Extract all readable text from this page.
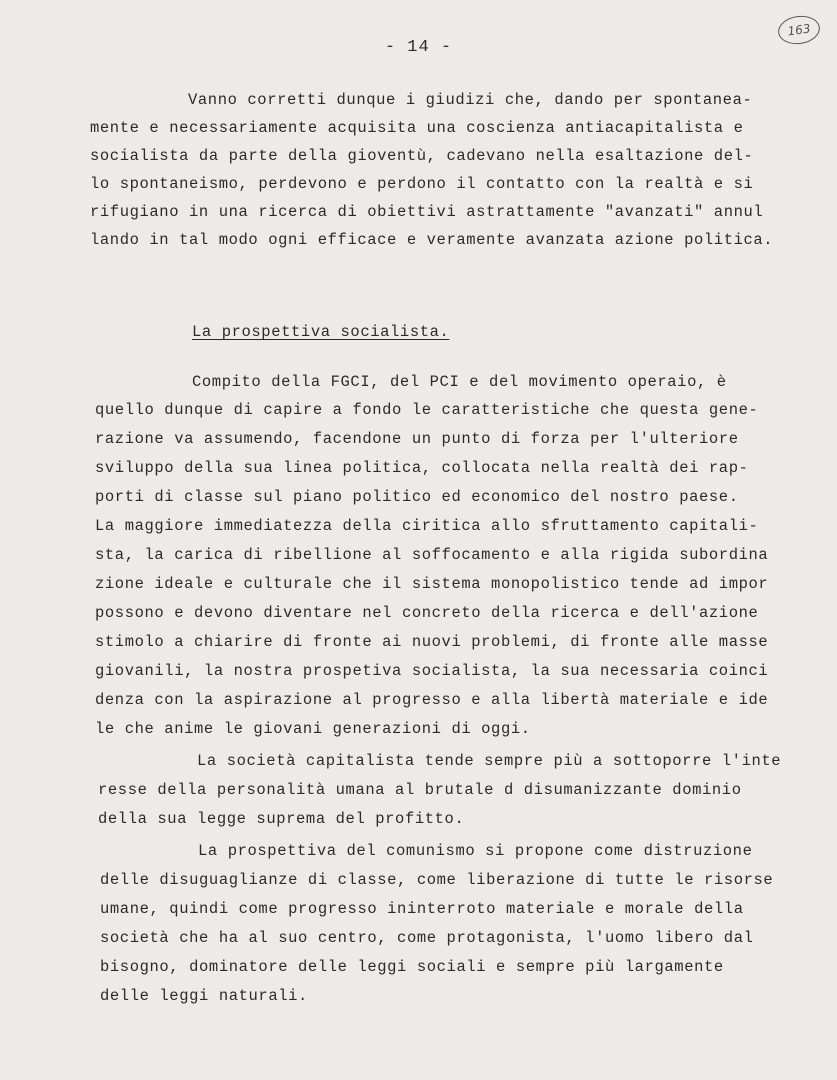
- 14 -
163
Vanno corretti dunque i giudizi che, dando per spontanea-
mente e necessariamente acquisita una coscienza antiacapitalista e
socialista da parte della gioventù, cadevano nella esaltazione del-
lo spontaneismo, perdevono e perdono il contatto con la realtà e si
rifugiano in una ricerca di obiettivi astrattamente "avanzati" annul
lando in tal modo ogni efficace e veramente avanzata azione politica.
La prospettiva socialista.
Compito della FGCI, del PCI e del movimento operaio, è
quello dunque di capire a fondo le caratteristiche che questa gene-
razione va assumendo, facendone un punto di forza per l'ulteriore
sviluppo della sua linea politica, collocata nella realtà dei rap-
porti di classe sul piano politico ed economico del nostro paese.
La maggiore immediatezza della ciritica allo sfruttamento capitali-
sta, la carica di ribellione al soffocamento e alla rigida subordina
zione ideale e culturale che il sistema monopolistico tende ad impor
possono e devono diventare nel concreto della ricerca e dell'azione
stimolo a chiarire di fronte ai nuovi problemi, di fronte alle masse
giovanili, la nostra prospetiva socialista, la sua necessaria coinci
denza con la aspirazione al progresso e alla libertà materiale e ide
le che anime le giovani generazioni di oggi.
La società capitalista tende sempre più a sottoporre l'inte
resse della personalità umana al brutale d disumanizzante dominio
della sua legge suprema del profitto.
La prospettiva del comunismo si propone come distruzione
delle disuguaglianze di classe, come liberazione di tutte le risorse
umane, quindi come progresso ininterroto materiale e morale della
società che ha al suo centro, come protagonista, l'uomo libero dal
bisogno, dominatore delle leggi sociali e sempre più largamente
delle leggi naturali.
